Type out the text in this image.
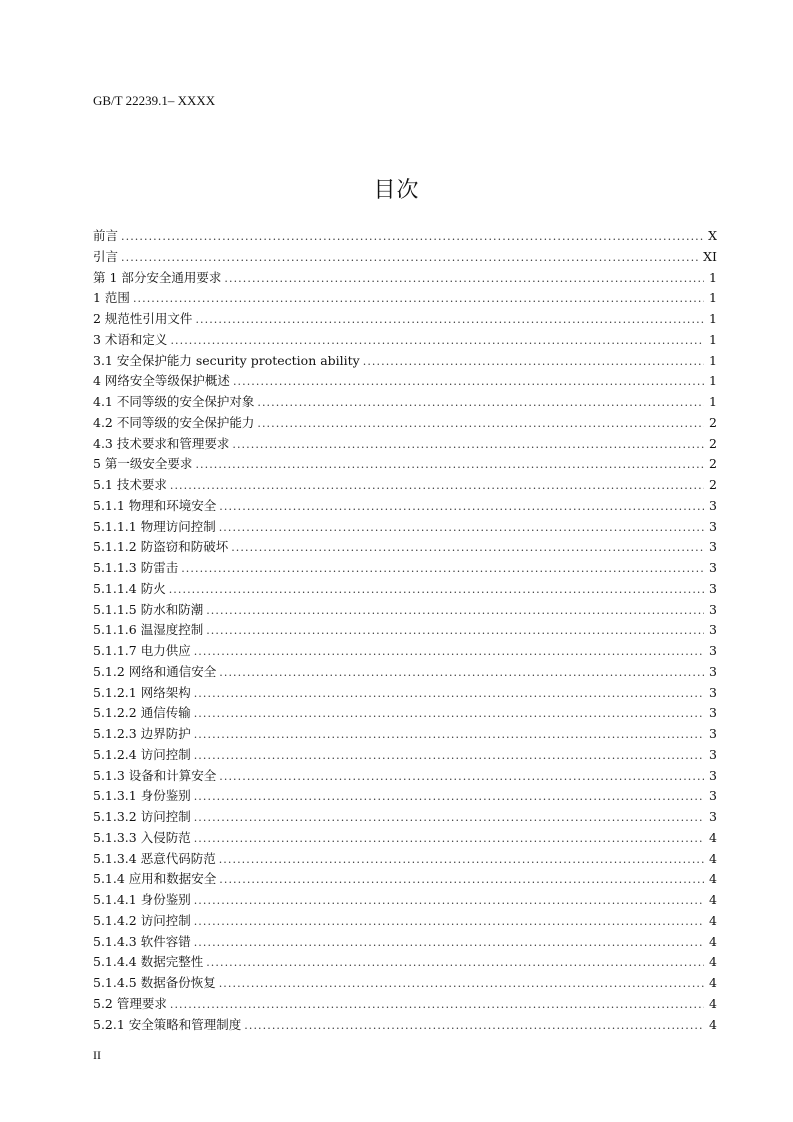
GB/T 22239.1– XXXX
目次
前言 . . .	X
引言 . . .	XI
第 1 部分安全通用要求 . . .	1
1 范围 . . .	1
2 规范性引用文件 . . .	1
3 术语和定义 . . .	1
3.1 安全保护能力 security protection ability . . .	1
4 网络安全等级保护概述 . . .	1
4.1 不同等级的安全保护对象 . . .	1
4.2 不同等级的安全保护能力 . . .	2
4.3 技术要求和管理要求 . . .	2
5 第一级安全要求 . . .	2
5.1 技术要求 . . .	2
5.1.1 物理和环境安全 . . .	3
5.1.1.1 物理访问控制 . . .	3
5.1.1.2 防盗窃和防破坏 . . .	3
5.1.1.3 防雷击 . . .	3
5.1.1.4 防火 . . .	3
5.1.1.5 防水和防潮 . . .	3
5.1.1.6 温湿度控制 . . .	3
5.1.1.7 电力供应 . . .	3
5.1.2 网络和通信安全 . . .	3
5.1.2.1 网络架构 . . .	3
5.1.2.2 通信传输 . . .	3
5.1.2.3 边界防护 . . .	3
5.1.2.4 访问控制 . . .	3
5.1.3 设备和计算安全 . . .	3
5.1.3.1 身份鉴别 . . .	3
5.1.3.2 访问控制 . . .	3
5.1.3.3 入侵防范 . . .	4
5.1.3.4 恶意代码防范 . . .	4
5.1.4 应用和数据安全 . . .	4
5.1.4.1 身份鉴别 . . .	4
5.1.4.2 访问控制 . . .	4
5.1.4.3 软件容错 . . .	4
5.1.4.4 数据完整性 . . .	4
5.1.4.5 数据备份恢复 . . .	4
5.2 管理要求 . . .	4
5.2.1 安全策略和管理制度 . . .	4
II
